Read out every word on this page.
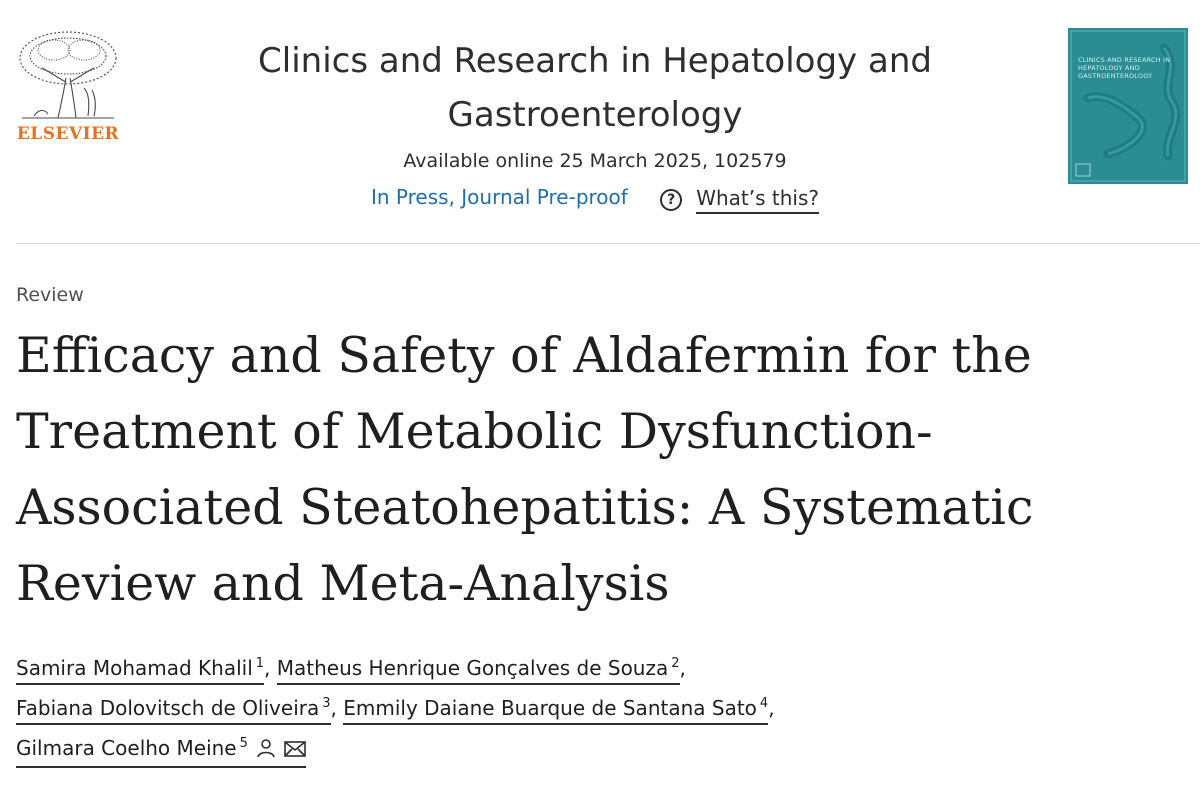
ELSEVIER
Clinics and Research in Hepatology and
Gastroenterology
Available online 25 March 2025, 102579
In Press, Journal Pre-proof	?	What’s this?
CLINICS AND RESEARCH IN HEPATOLOGY AND GASTROENTEROLOGY
Review
Efficacy and Safety of Aldafermin for the
Treatment of Metabolic Dysfunction-
Associated Steatohepatitis: A Systematic
Review and Meta-Analysis
Samira Mohamad Khalil $^1$, Matheus Henrique Gonçalves de Souza $^2$,
Fabiana Dolovitsch de Oliveira $^3$, Emmily Daiane Buarque de Santana Sato $^4$,
Gilmara Coelho Meine $^5$
